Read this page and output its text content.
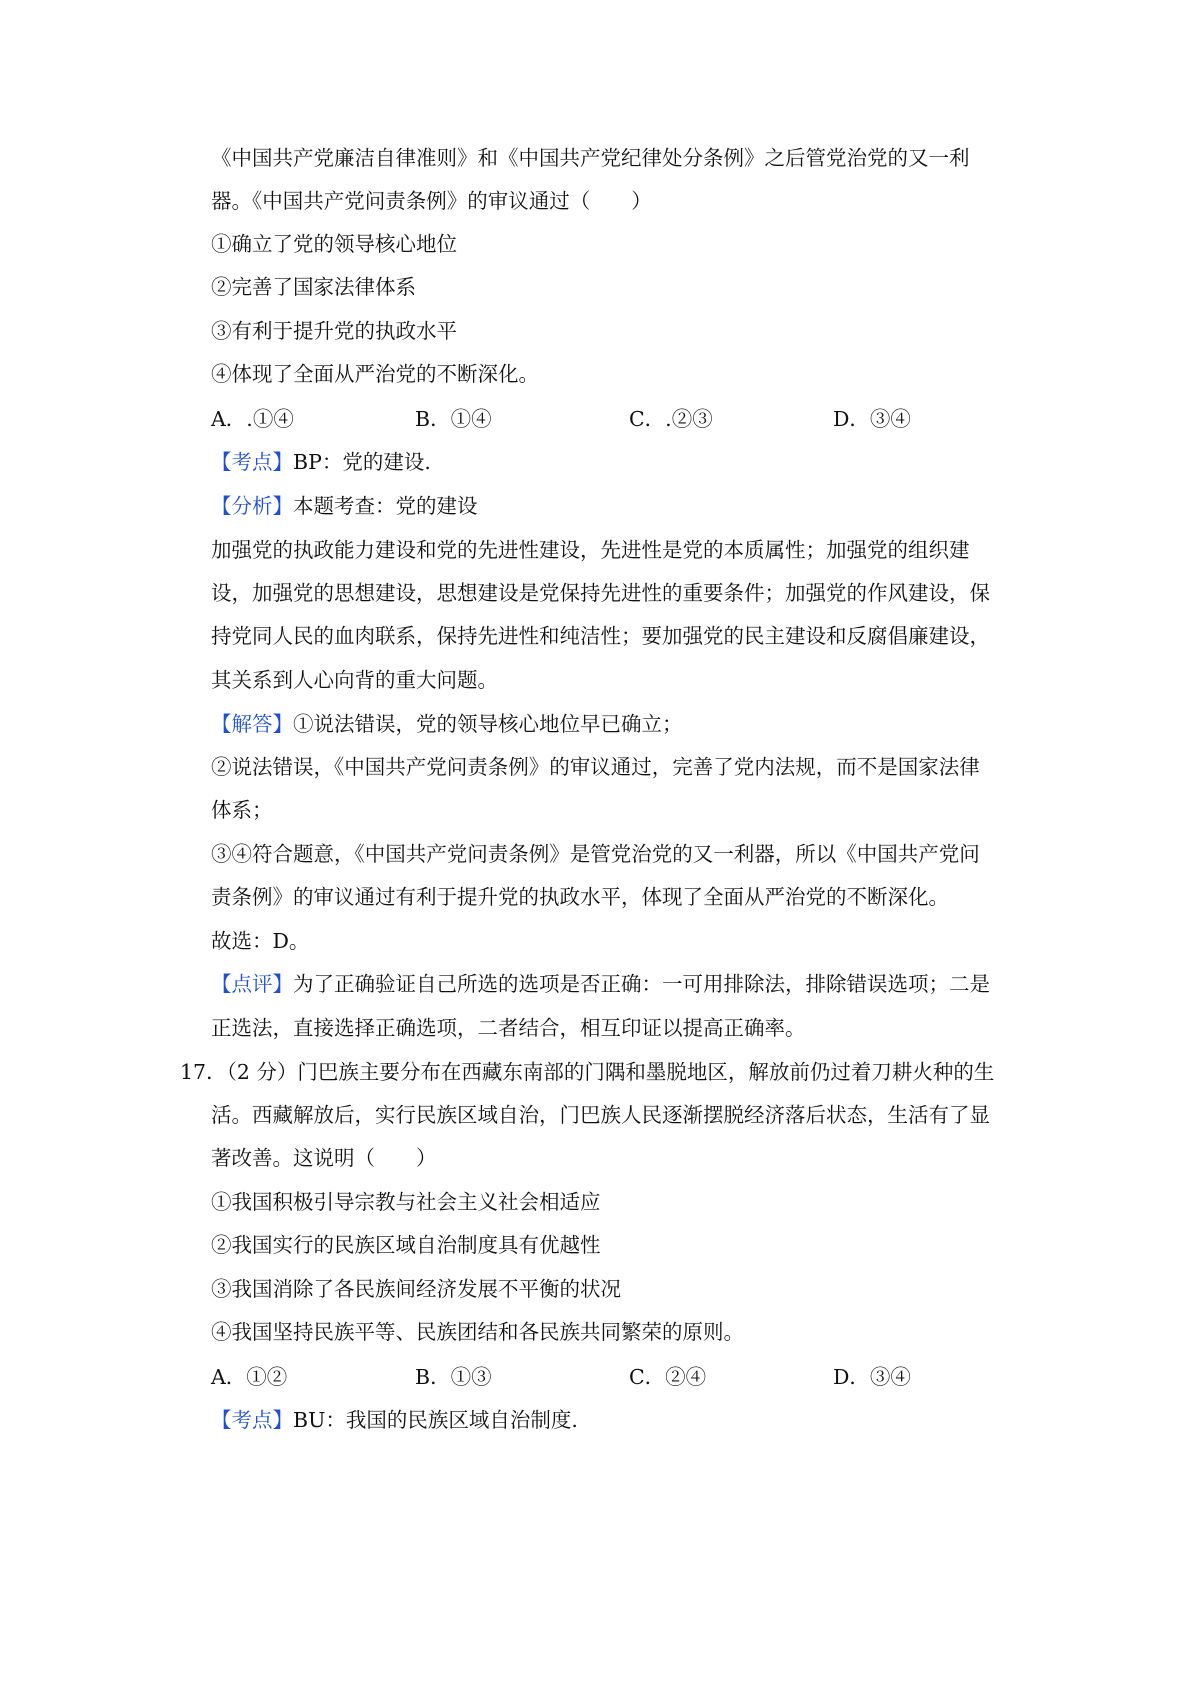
《中国共产党廉洁自律准则》和《中国共产党纪律处分条例》之后管党治党的又一利
器。《中国共产党问责条例》的审议通过（　　）
①确立了党的领导核心地位
②完善了国家法律体系
③有利于提升党的执政水平
④体现了全面从严治党的不断深化。
A．.①④	B．①④	C．.②③	D．③④
【考点】BP：党的建设.
【分析】本题考查：党的建设
加强党的执政能力建设和党的先进性建设，先进性是党的本质属性；加强党的组织建
设，加强党的思想建设，思想建设是党保持先进性的重要条件；加强党的作风建设，保
持党同人民的血肉联系，保持先进性和纯洁性；要加强党的民主建设和反腐倡廉建设，
其关系到人心向背的重大问题。
【解答】①说法错误，党的领导核心地位早已确立；
②说法错误，《中国共产党问责条例》的审议通过，完善了党内法规，而不是国家法律
体系；
③④符合题意，《中国共产党问责条例》是管党治党的又一利器，所以《中国共产党问
责条例》的审议通过有利于提升党的执政水平，体现了全面从严治党的不断深化。
故选：D。
【点评】为了正确验证自己所选的选项是否正确：一可用排除法，排除错误选项；二是
正选法，直接选择正确选项，二者结合，相互印证以提高正确率。
17．（2 分）门巴族主要分布在西藏东南部的门隅和墨脱地区，解放前仍过着刀耕火种的生
活。西藏解放后，实行民族区域自治，门巴族人民逐渐摆脱经济落后状态，生活有了显
著改善。这说明（　　）
①我国积极引导宗教与社会主义社会相适应
②我国实行的民族区域自治制度具有优越性
③我国消除了各民族间经济发展不平衡的状况
④我国坚持民族平等、民族团结和各民族共同繁荣的原则。
A．①②	B．①③	C．②④	D．③④
【考点】BU：我国的民族区域自治制度.
